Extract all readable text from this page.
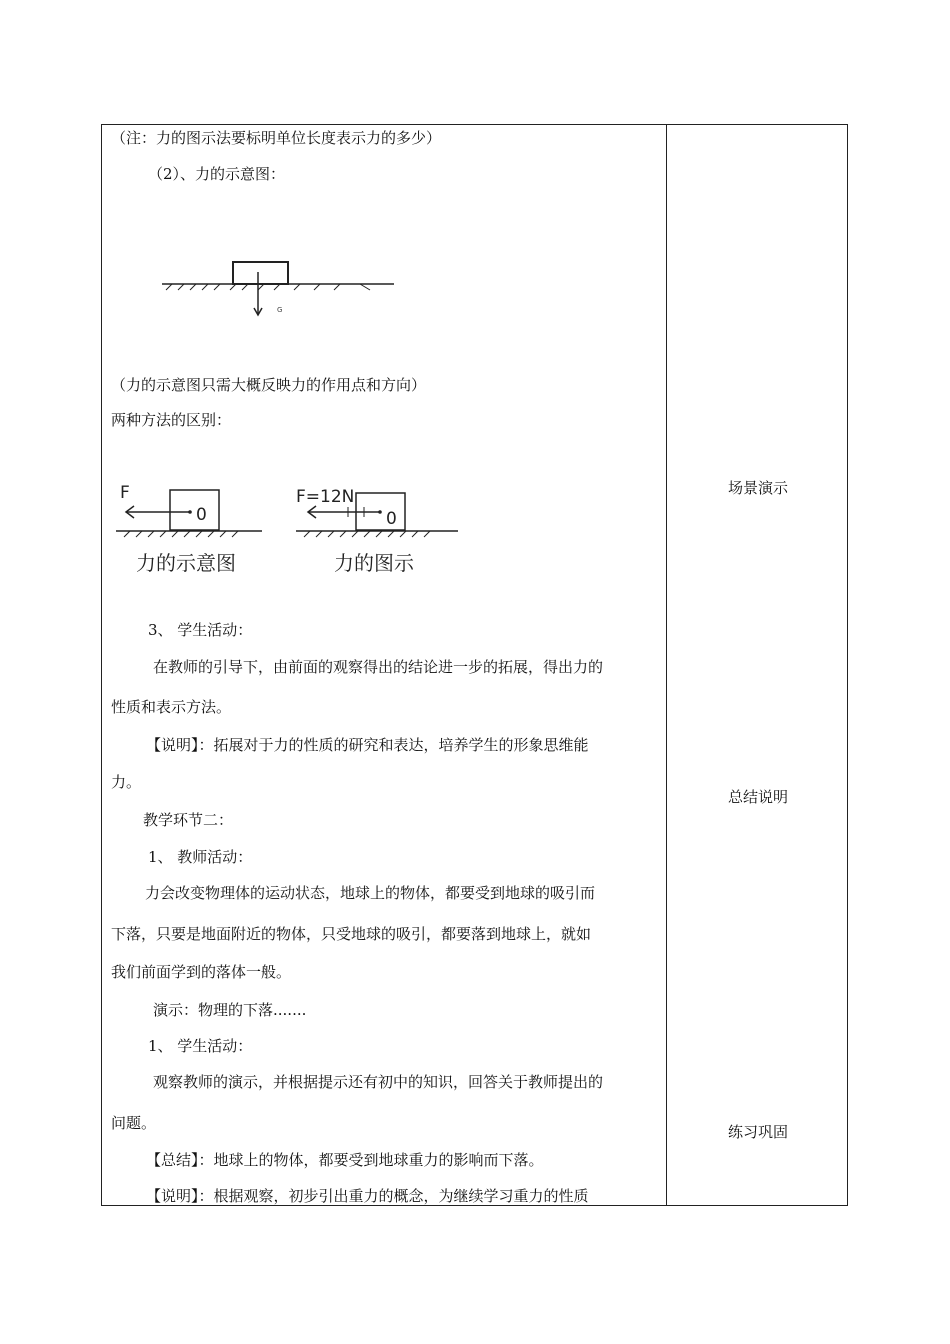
（注：力的图示法要标明单位长度表示力的多少）
（2）、力的示意图：
G
（力的示意图只需大概反映力的作用点和方向）
两种方法的区别：
F
0
力的示意图
F=12N
0
力的图示
3、 学生活动：
在教师的引导下，由前面的观察得出的结论进一步的拓展，得出力的
性质和表示方法。
【说明】：拓展对于力的性质的研究和表达，培养学生的形象思维能
力。
教学环节二：
1、 教师活动：
力会改变物理体的运动状态，地球上的物体，都要受到地球的吸引而
下落，只要是地面附近的物体，只受地球的吸引，都要落到地球上，就如
我们前面学到的落体一般。
演示：物理的下落.......
1、 学生活动：
观察教师的演示，并根据提示还有初中的知识，回答关于教师提出的
问题。
【总结】：地球上的物体，都要受到地球重力的影响而下落。
【说明】：根据观察，初步引出重力的概念，为继续学习重力的性质
场景演示
总结说明
练习巩固
